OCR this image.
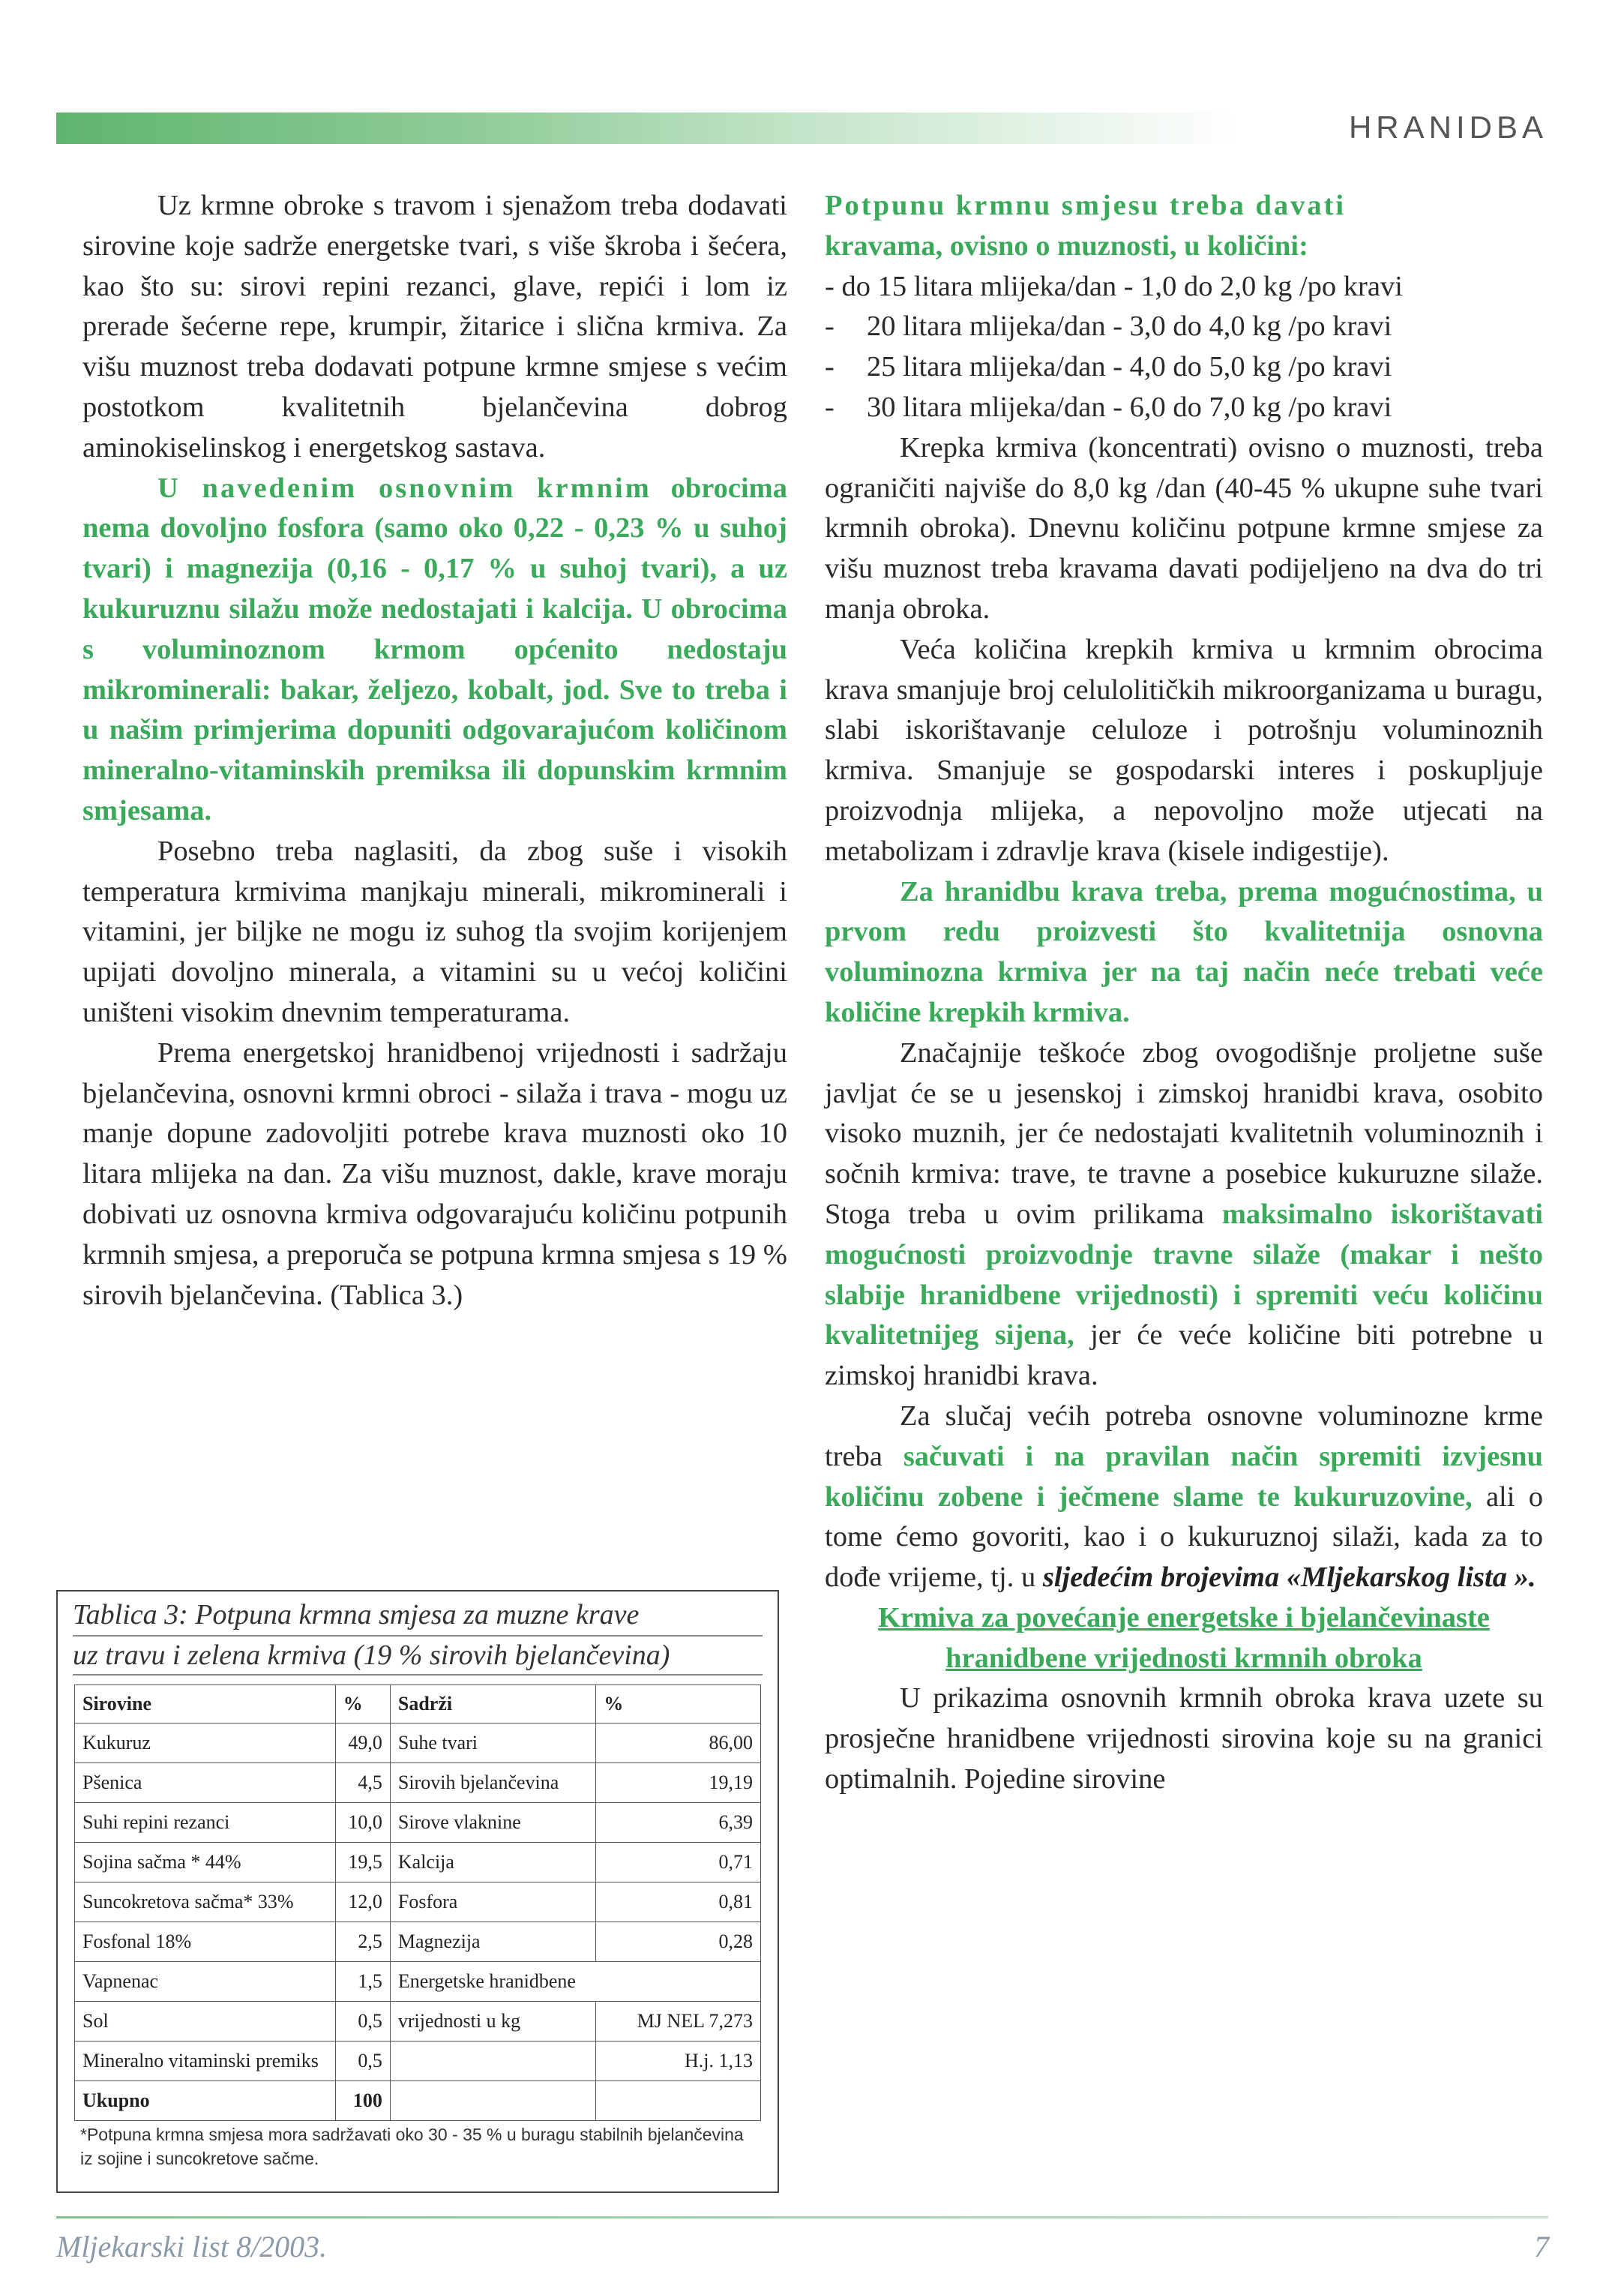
HRANIDBA

Uz krmne obroke s travom i sjenažom treba dodavati sirovine koje sadrže energetske tvari, s više škroba i šećera, kao što su: sirovi repini rezanci, glave, repići i lom iz prerade šećerne repe, krumpir, žitarice i slična krmiva. Za višu muznost treba dodavati potpune krmne smjese s većim postotkom kvalitetnih bjelančevina dobrog aminokiselinskog i energetskog sastava.

U navedenim osnovnim krmnim obrocima nema dovoljno fosfora (samo oko 0,22 - 0,23 % u suhoj tvari) i magnezija (0,16 - 0,17 % u suhoj tvari), a uz kukuruznu silažu može nedostajati i kalcija. U obrocima s voluminoznom krmom općenito nedostaju mikrominerali: bakar, željezo, kobalt, jod. Sve to treba i u našim primjerima dopuniti odgovarajućom količinom mineralno-vitaminskih premiksa ili dopunskim krmnim smjesama.

Posebno treba naglasiti, da zbog suše i visokih temperatura krmivima manjkaju minerali, mikrominerali i vitamini, jer biljke ne mogu iz suhog tla svojim korijenjem upijati dovoljno minerala, a vitamini su u većoj količini uništeni visokim dnevnim temperaturama.

Prema energetskoj hranidbenoj vrijednosti i sadržaju bjelančevina, osnovni krmni obroci - silaža i trava - mogu uz manje dopune zadovoljiti potrebe krava muznosti oko 10 litara mlijeka na dan. Za višu muznost, dakle, krave moraju dobivati uz osnovna krmiva odgovarajuću količinu potpunih krmnih smjesa, a preporuča se potpuna krmna smjesa s 19 % sirovih bjelančevina. (Tablica 3.)

Tablica 3: Potpuna krmna smjesa za muzne krave
uz travu i zelena krmiva (19 % sirovih bjelančevina)
Sirovine	%	Sadrži	%
Kukuruz	49,0	Suhe tvari	86,00
Pšenica	4,5	Sirovih bjelančevina	19,19
Suhi repini rezanci	10,0	Sirove vlaknine	6,39
Sojina sačma * 44%	19,5	Kalcija	0,71
Suncokretova sačma* 33%	12,0	Fosfora	0,81
Fosfonal 18%	2,5	Magnezija	0,28
Vapnenac	1,5	Energetske hranidbene	
Sol	0,5	vrijednosti u kg	MJ NEL 7,273
Mineralno vitaminski premiks	0,5		H.j. 1,13
Ukupno	100		
*Potpuna krmna smjesa mora sadržavati oko 30 - 35 % u buragu stabilnih bjelančevina iz sojine i suncokretove sačme.

Potpunu krmnu smjesu treba davati
kravama, ovisno o muznosti, u količini:

- do 15 litara mlijeka/dan - 1,0 do 2,0 kg /po kravi
-	20 litara mlijeka/dan - 3,0 do 4,0 kg /po kravi
-	25 litara mlijeka/dan - 4,0 do 5,0 kg /po kravi
-	30 litara mlijeka/dan - 6,0 do 7,0 kg /po kravi

Krepka krmiva (koncentrati) ovisno o muznosti, treba ograničiti najviše do 8,0 kg /dan (40-45 % ukupne suhe tvari krmnih obroka). Dnevnu količinu potpune krmne smjese za višu muznost treba kravama davati podijeljeno na dva do tri manja obroka.

Veća količina krepkih krmiva u krmnim obrocima krava smanjuje broj celulolitičkih mikroorganizama u buragu, slabi iskorištavanje celuloze i potrošnju voluminoznih krmiva. Smanjuje se gospodarski interes i poskupljuje proizvodnja mlijeka, a nepovoljno može utjecati na metabolizam i zdravlje krava (kisele indigestije).

Za hranidbu krava treba, prema mogućnostima, u prvom redu proizvesti što kvalitetnija osnovna voluminozna krmiva jer na taj način neće trebati veće količine krepkih krmiva.

Značajnije teškoće zbog ovogodišnje proljetne suše javljat će se u jesenskoj i zimskoj hranidbi krava, osobito visoko muznih, jer će nedostajati kvalitetnih voluminoznih i sočnih krmiva: trave, te travne a posebice kukuruzne silaže. Stoga treba u ovim prilikama maksimalno iskorištavati mogućnosti proizvodnje travne silaže (makar i nešto slabije hranidbene vrijednosti) i spremiti veću količinu kvalitetnijeg sijena, jer će veće količine biti potrebne u zimskoj hranidbi krava.

Za slučaj većih potreba osnovne voluminozne krme treba sačuvati i na pravilan način spremiti izvjesnu količinu zobene i ječmene slame te kukuruzovine, ali o tome ćemo govoriti, kao i o kukuruznoj silaži, kada za to dođe vrijeme, tj. u sljedećim brojevima «Mljekarskog lista ».

Krmiva za povećanje energetske i bjelančevinaste hranidbene vrijednosti krmnih obroka

U prikazima osnovnih krmnih obroka krava uzete su prosječne hranidbene vrijednosti sirovina koje su na granici optimalnih. Pojedine sirovine

Mljekarski list 8/2003.	7
